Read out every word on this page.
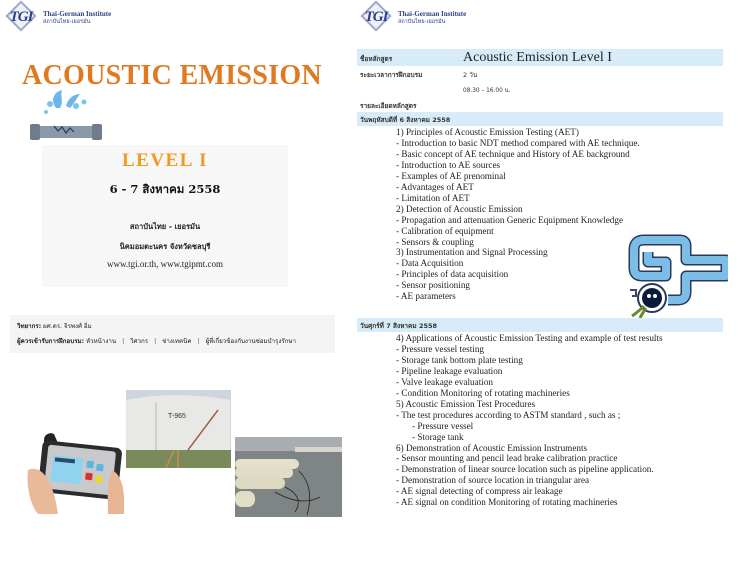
TGI	Thai-German Institute
สถาบันไทย-เยอรมัน
ACOUSTIC EMISSION
LEVEL I
6 - 7 สิงหาคม 2558
สถาบันไทย - เยอรมัน
นิคมอมตะนคร จังหวัดชลบุรี
www.tgi.or.th, www.tgipmt.com
วิทยากร: ผศ.ดร. จิรพงศ์ อิ่ม
ผู้ควรเข้ารับการฝึกอบรม: หัวหน้างาน | วิศวกร | ช่างเทคนิค | ผู้ที่เกี่ยวข้องกับงานซ่อมบำรุงรักษา
T-965
TGI	Thai-German Institute
สถาบันไทย-เยอรมัน
ชื่อหลักสูตร	Acoustic Emission Level I
ระยะเวลาการฝึกอบรม	2 วัน
08.30 – 16.00 น.
รายละเอียดหลักสูตร
วันพฤหัสบดีที่ 6 สิงหาคม 2558
1) Principles of Acoustic Emission Testing (AET)
- Introduction to basic NDT method compared with AE technique.
- Basic concept of AE technique and History of AE background
- Introduction to AE sources
- Examples of AE prenominal
- Advantages of AET
- Limitation of AET
2) Detection of Acoustic Emission
- Propagation and attenuation Generic Equipment Knowledge
- Calibration of equipment
- Sensors & coupling
3) Instrumentation and Signal Processing
- Data Acquisition
- Principles of data acquisition
- Sensor positioning
- AE parameters
วันศุกร์ที่ 7 สิงหาคม 2558
4) Applications of Acoustic Emission Testing and example of test results
- Pressure vessel testing
- Storage tank bottom plate testing
- Pipeline leakage evaluation
- Valve leakage evaluation
- Condition Monitoring of rotating machineries
5) Acoustic Emission Test Procedures
- The test procedures according to ASTM standard , such as ;
- Pressure vessel
- Storage tank
6) Demonstration of Acoustic Emission Instruments
- Sensor mounting and pencil lead brake calibration practice
- Demonstration of linear source location such as pipeline application.
- Demonstration of source location in triangular area
- AE signal detecting of compress air leakage
- AE signal on condition Monitoring of rotating machineries
